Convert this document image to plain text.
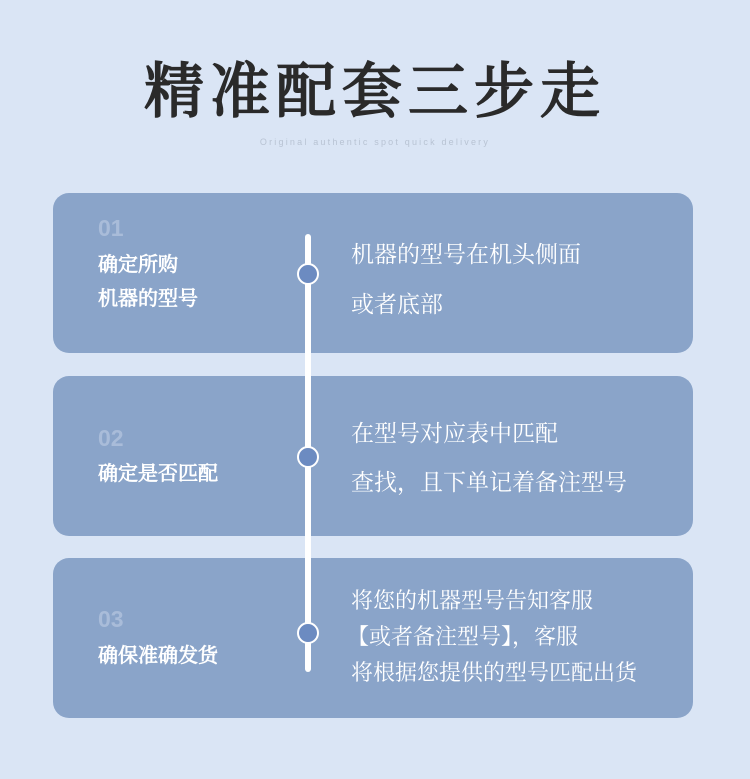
精准配套三步走
Original authentic spot quick delivery
01
确定所购
机器的型号
机器的型号在机头侧面
或者底部
02
确定是否匹配
在型号对应表中匹配
查找，且下单记着备注型号
03
确保准确发货
将您的机器型号告知客服
【或者备注型号】，客服
将根据您提供的型号匹配出货
